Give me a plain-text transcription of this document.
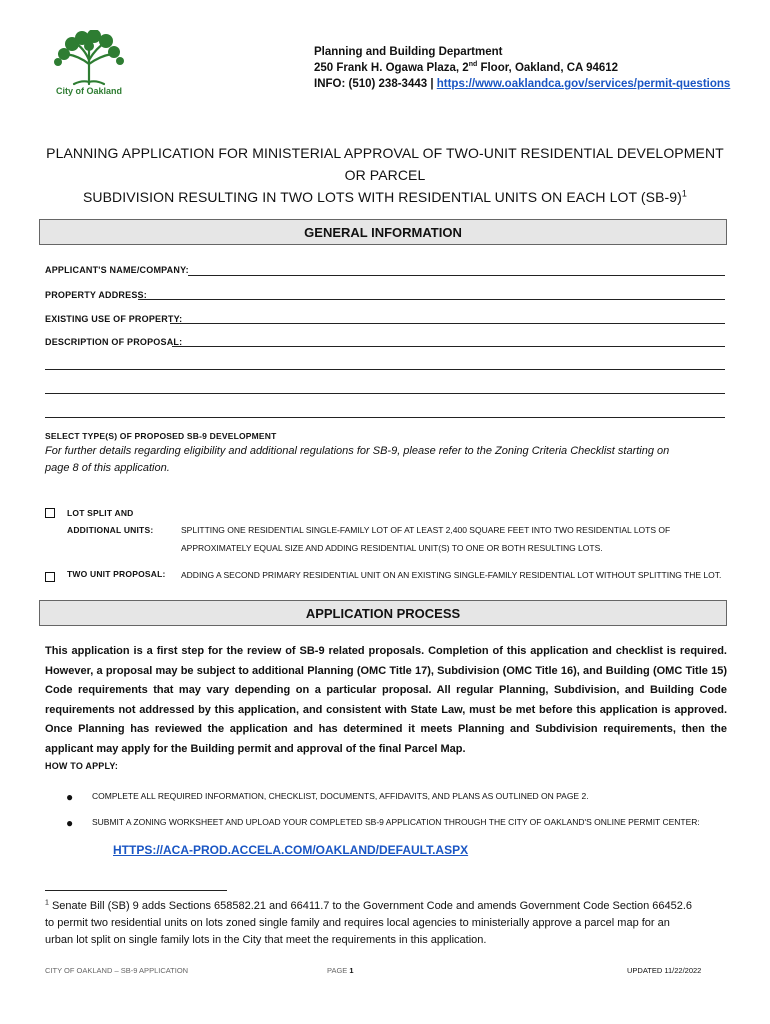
City of Oakland
Planning and Building Department
250 Frank H. Ogawa Plaza, 2nd Floor, Oakland, CA 94612
INFO: (510) 238-3443 | https://www.oaklandca.gov/services/permit-questions
PLANNING APPLICATION FOR MINISTERIAL APPROVAL OF TWO-UNIT RESIDENTIAL DEVELOPMENT OR PARCEL
SUBDIVISION RESULTING IN TWO LOTS WITH RESIDENTIAL UNITS ON EACH LOT $(SB-9)^1$
GENERAL INFORMATION
APPLICANT'S NAME/COMPANY:
PROPERTY ADDRESS:
EXISTING USE OF PROPERTY:
DESCRIPTION OF PROPOSAL:
SELECT TYPE(S) OF PROPOSED SB-9 DEVELOPMENT
For further details regarding eligibility and additional regulations for SB-9, please refer to the Zoning Criteria Checklist starting on
page 8 of this application.
LOT SPLIT AND
ADDITIONAL UNITS:	SPLITTING ONE RESIDENTIAL SINGLE-FAMILY LOT OF AT LEAST 2,400 SQUARE FEET INTO TWO RESIDENTIAL LOTS OF
APPROXIMATELY EQUAL SIZE AND ADDING RESIDENTIAL UNIT(S) TO ONE OR BOTH RESULTING LOTS.
TWO UNIT PROPOSAL: ADDING A SECOND PRIMARY RESIDENTIAL UNIT ON AN EXISTING SINGLE-FAMILY RESIDENTIAL LOT WITHOUT SPLITTING THE LOT.
APPLICATION PROCESS
This application is a first step for the review of SB-9 related proposals. Completion of this application and checklist is required. However, a proposal may be subject to additional Planning (OMC Title 17), Subdivision (OMC Title 16), and Building (OMC Title 15) Code requirements that may vary depending on a particular proposal. All regular Planning, Subdivision, and Building Code requirements not addressed by this application, and consistent with State Law, must be met before this application is approved. Once Planning has reviewed the application and has determined it meets Planning and Subdivision requirements, then the applicant may apply for the Building permit and approval of the final Parcel Map.
HOW TO APPLY:
● COMPLETE ALL REQUIRED INFORMATION, CHECKLIST, DOCUMENTS, AFFIDAVITS, AND PLANS AS OUTLINED ON PAGE 2.
● SUBMIT A ZONING WORKSHEET AND UPLOAD YOUR COMPLETED SB-9 APPLICATION THROUGH THE CITY OF OAKLAND'S ONLINE PERMIT CENTER:
HTTPS://ACA-PROD.ACCELA.COM/OAKLAND/DEFAULT.ASPX
$^1$ Senate Bill (SB) 9 adds Sections 658582.21 and 66411.7 to the Government Code and amends Government Code Section 66452.6
to permit two residential units on lots zoned single family and requires local agencies to ministerially approve a parcel map for an
urban lot split on single family lots in the City that meet the requirements in this application.
CITY OF OAKLAND – SB-9 APPLICATION	PAGE 1	UPDATED 11/22/2022
